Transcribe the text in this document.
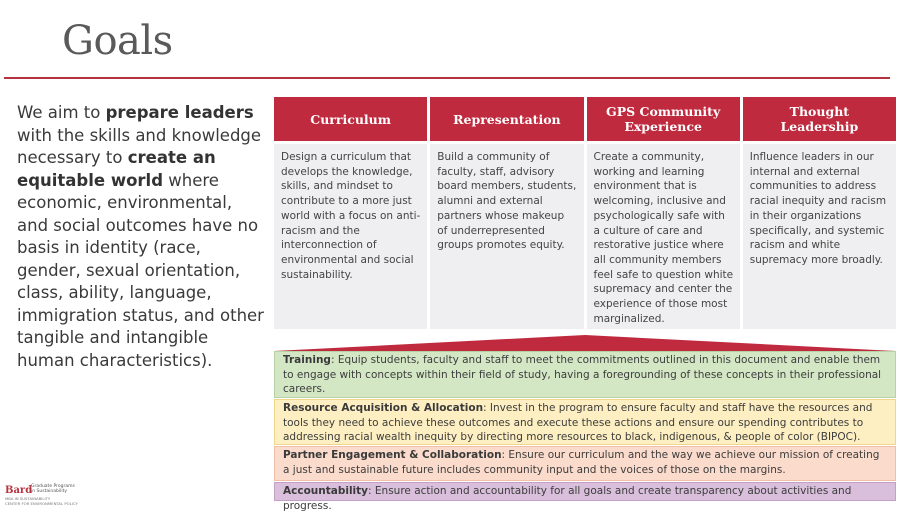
Goals
We aim to prepare leaders with the skills and knowledge necessary to create an equitable world where economic, environmental, and social outcomes have no basis in identity (race, gender, sexual orientation, class, ability, language, immigration status, and other tangible and intangible human characteristics).
Curriculum
Design a curriculum that develops the knowledge, skills, and mindset to contribute to a more just world with a focus on anti-racism and the interconnection of environmental and social sustainability.
Representation
Build a community of faculty, staff, advisory board members, students, alumni and external partners whose makeup of underrepresented groups promotes equity.
GPS Community Experience
Create a community, working and learning environment that is welcoming, inclusive and psychologically safe with a culture of care and restorative justice where all community members feel safe to question white supremacy and center the experience of those most marginalized.
Thought Leadership
Influence leaders in our internal and external communities to address racial inequity and racism in their organizations specifically, and systemic racism and white supremacy more broadly.
Training: Equip students, faculty and staff to meet the commitments outlined in this document and enable them to engage with concepts within their field of study, having a foregrounding of these concepts in their professional careers.
Resource Acquisition & Allocation: Invest in the program to ensure faculty and staff have the resources and tools they need to achieve these outcomes and execute these actions and ensure our spending contributes to addressing racial wealth inequity by directing more resources to black, indigenous, & people of color (BIPOC).
Partner Engagement & Collaboration: Ensure our curriculum and the way we achieve our mission of creating a just and sustainable future includes community input and the voices of those on the margins.
Accountability: Ensure action and accountability for all goals and create transparency about activities and progress.
Bard
Graduate Programs
in Sustainability
MBA IN SUSTAINABILITY
CENTER FOR ENVIRONMENTAL POLICY
